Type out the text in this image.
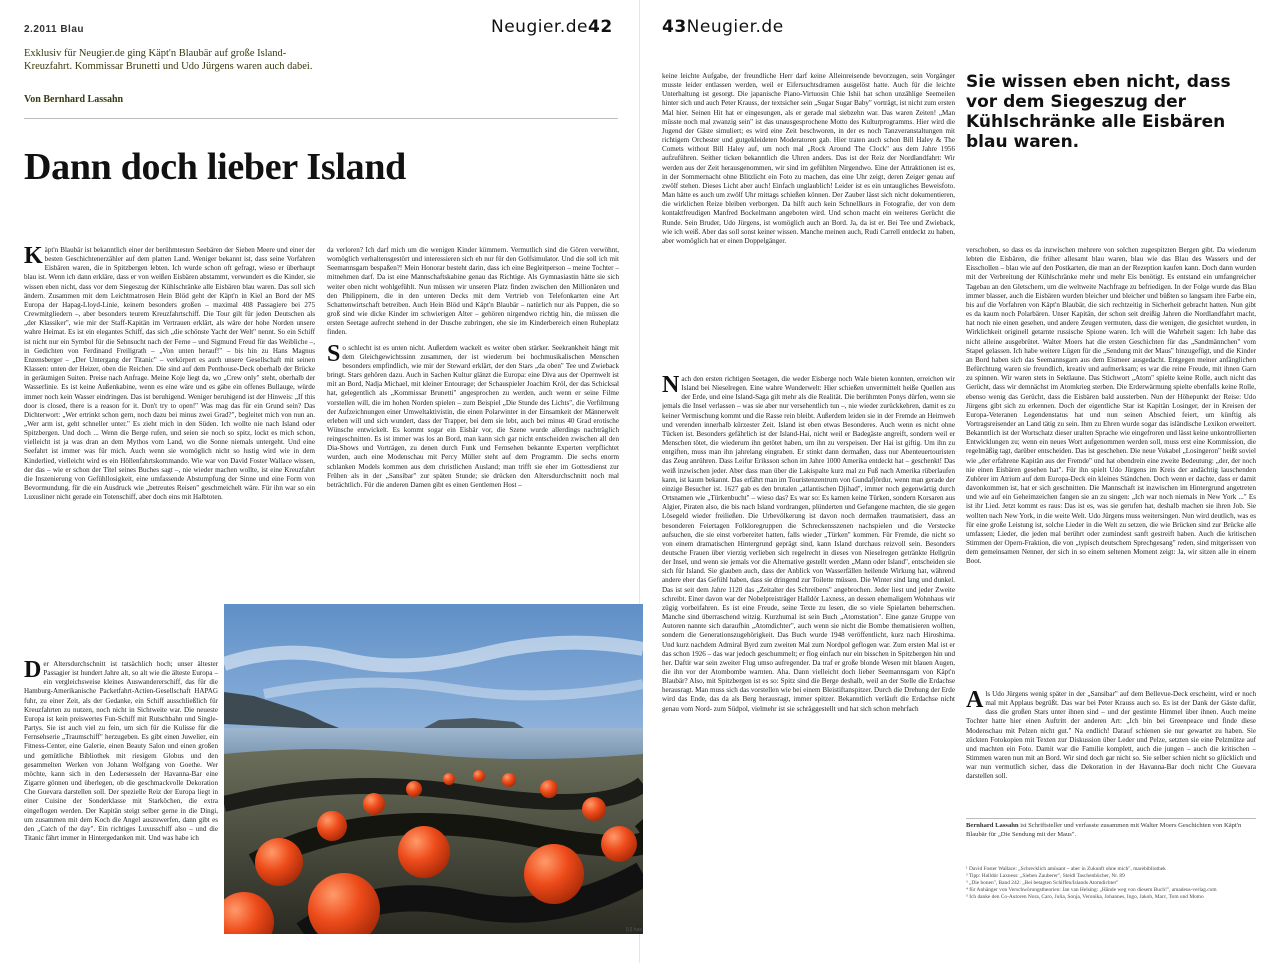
2.2011 Blau	Neugier.de42	43Neugier.de
Exklusiv für Neugier.de ging Käpt'n Blaubär auf große Island-Kreuzfahrt. Kommissar Brunetti und Udo Jürgens waren auch dabei.
Von Bernhard Lassahn
Dann doch lieber Island

Käpt'n Blaubär ist bekanntlich einer der berühmtesten Seebären der Sieben Meere und einer der besten Geschichtenerzähler auf dem platten Land. Weniger bekannt ist, dass seine Vorfahren Eisbären waren, die in Spitzbergen lebten. Ich wurde schon oft gefragt, wieso er überhaupt blau ist. Wenn ich dann erkläre, dass er von weißen Eisbären abstammt, verwundert es die Kinder, sie wissen eben nicht, dass vor dem Siegeszug der Kühlschränke alle Eisbären blau waren. Das soll sich ändern. Zusammen mit dem Leichtmatrosen Hein Blöd geht der Käpt'n in Kiel an Bord der MS Europa der Hapag-Lloyd-Linie, keinem besonders großen – maximal 408 Passagiere bei 275 Crewmitgliedern –, aber besonders teurem Kreuzfahrtschiff. Die Tour gilt für jeden Deutschen als „der Klassiker", wie mir der Staff-Kapitän im Vertrauen erklärt, als wäre der hohe Norden unsere wahre Heimat. Es ist ein elegantes Schiff, das sich „die schönste Yacht der Welt" nennt. So ein Schiff ist nicht nur ein Symbol für die Sehnsucht nach der Ferne – und Sigmund Freud für das Weibliche –, in Gedichten von Ferdinand Freiligrath – „Von unten herauf!" – bis hin zu Hans Magnus Enzensberger – „Der Untergang der Titanic" – verkörpert es auch unsere Gesellschaft mit seinen Klassen: unten der Heizer, oben die Reichen. Die sind auf dem Penthouse-Deck oberhalb der Brücke in geräumigen Suiten. Preise nach Anfrage. Meine Koje liegt da, wo „Crew only" steht, oberhalb der Wasserlinie. Es ist keine Außenkabine, wenn es eine wäre und es gäbe ein offenes Bullauge, würde immer noch kein Wasser eindringen. Das ist beruhigend. Weniger beruhigend ist der Hinweis: „If this door is closed, there is a reason for it. Don't try to open!" Was mag das für ein Grund sein? Das Dichterwort: „Wer ertrinkt schon gern, noch dazu bei minus zwei Grad?", begleitet mich von nun an. „Wer arm ist, geht schneller unter." Es zieht mich in den Süden. Ich wollte nie nach Island oder Spitzbergen. Und doch ... Wenn die Berge rufen, und seien sie noch so spitz, lockt es mich schon, vielleicht ist ja was dran an dem Mythos vom Land, wo die Sonne niemals untergeht. Und eine Seefahrt ist immer was für mich. Auch wenn sie womöglich nicht so lustig wird wie in dem Kinderlied, vielleicht wird es ein Höllenfahrtskommando. Wie war von David Foster Wallace wissen, der das – wie er schon der Titel seines Buches sagt –, nie wieder machen wollte, ist eine Kreuzfahrt die Inszenierung von Gefühllosigkeit, eine umfassende Abstumpfung der Sinne und eine Form von Bevormundung, für die ein Ausdruck wie „betreutes Reisen" geschmeichelt wäre. Für ihn war so ein Luxusliner nicht gerade ein Totenschiff, aber doch eins mit Halbtoten.

Der Altersdurchschnitt ist tatsächlich hoch; unser ältester Passagier ist hundert Jahre alt, so alt wie die älteste Europa – ein vergleichsweise kleines Auswandererschiff, das für die Hamburg-Amerikanische Packetfahrt-Actien-Gesellschaft HAPAG fuhr, zu einer Zeit, als der Gedanke, ein Schiff ausschließlich für Kreuzfahrten zu nutzen, noch nicht in Sichtweite war. Die neueste Europa ist kein preiswertes Fun-Schiff mit Rutschbahn und Single-Partys. Sie ist auch viel zu fein, um sich für die Kulisse für die Fernsehserie „Traumschiff" herzugeben. Es gibt einen Juwelier, ein Fitness-Center, eine Galerie, einen Beauty Salon und einen großen und gemütliche Bibliothek mit riesigem Globus und den gesammelten Werken von Johann Wolfgang von Goethe. Wer möchte, kann sich in den Ledersesseln der Havanna-Bar eine Zigarre gönnen und überlegen, ob die geschmackvolle Dekoration Che Guevara darstellen soll. Der spezielle Reiz der Europa liegt in einer Cuisine der Sonderklasse mit Starköchen, die extra eingeflogen werden. Der Kapitän steigt selber gerne in die Dingi, um zusammen mit dem Koch die Angel auszuwerfen, dann gibt es den „Catch of the day". Ein richtiges Luxusschiff also – und die Titanic fährt immer in Hintergedanken mit. Und was habe ich

da verloren? Ich darf mich um die wenigen Kinder kümmern. Vermutlich sind die Gören verwöhnt, womöglich verhaltensgestört und interessieren sich eh nur für den Golfsimulator. Und die soll ich mit Seemannsgarn bespaßen?! Mein Honorar besteht darin, dass ich eine Begleitperson – meine Tochter – mitnehmen darf. Da ist eine Mannschaftskabine genau das Richtige. Als Gymnasiastin hätte sie sich weiter oben nicht wohlgefühlt. Nun müssen wir unseren Platz finden zwischen den Millionären und den Philippinern, die in den unteren Decks mit dem Vertrieb von Telefonkarten eine Art Schattenwirtschaft betreiben. Auch Hein Blöd und Käpt'n Blaubär – natürlich nur als Puppen, die so groß sind wie dicke Kinder im schwierigen Alter – gehören nirgendwo richtig hin, die müssen die ersten Seetage aufrecht stehend in der Dusche zubringen, ehe sie im Kinderbereich einen Ruheplatz finden.

So schlecht ist es unten nicht. Außerdem wackelt es weiter oben stärker. Seekrankheit hängt mit dem Gleichgewichtssinn zusammen, der ist wiederum bei hochmusikalischen Menschen besonders empfindlich, wie mir der Steward erklärt, der den Stars „da oben" Tee und Zwieback bringt. Stars gehören dazu. Auch in Sachen Kultur glänzt die Europa: eine Diva aus der Opernwelt ist mit an Bord, Nadja Michael, mit kleiner Entourage; der Schauspieler Joachim Król, der das Schicksal hat, gelegentlich als „Kommissar Brunetti" angesprochen zu werden, auch wenn er seine Filme vorstellen will, die im hohen Norden spielen – zum Beispiel „Die Stunde des Lichts", die Verfilmung der Aufzeichnungen einer Umweltaktivistin, die einen Polarwinter in der Einsamkeit der Männerwelt erleben will und sich wundert, dass der Trapper, bei dem sie lebt, auch bei minus 40 Grad erotische Wünsche entwickelt. Es kommt sogar ein Eisbär vor, die Szene wurde allerdings nachträglich reingeschnitten. Es ist immer was los an Bord, man kann sich gar nicht entscheiden zwischen all den Dia-Shows und Vorträgen, zu denen durch Funk und Fernsehen bekannte Experten verpflichtet wurden, auch eine Modenschau mit Percy Müller steht auf dem Programm. Die sechs enorm schlanken Models kommen aus dem christlichen Ausland; man trifft sie eher im Gottesdienst zur Frühen als in der „Sansibar" zur späten Stunde; sie drücken den Altersdurchschnitt noch mal beträchtlich. Für die anderen Damen gibt es einen Gentlemen Host –

keine leichte Aufgabe, der freundliche Herr darf keine Alleinreisende bevorzugen, sein Vorgänger musste leider entlassen werden, weil er Eifersuchtsdramen ausgelöst hatte. Auch für die leichte Unterhaltung ist gesorgt. Die japanische Piano-Virtuosin Chie Ishii hat schon unzählige Seemeilen hinter sich und auch Peter Krauss, der textsicher sein „Sugar Sugar Baby" vorträgt, ist nicht zum ersten Mal hier. Seinen Hit hat er eingesungen, als er gerade mal siebzehn war. Das waren Zeiten! „Man müsste noch mal zwanzig sein" ist das unausgesprochene Motto des Kulturprogramms. Hier wird die Jugend der Gäste simuliert; es wird eine Zeit beschworen, in der es noch Tanzveranstaltungen mit richtigem Orchester und gutgekleideten Moderatoren gab. Hier traten auch schon Bill Haley & The Comets without Bill Haley auf, um noch mal „Rock Around The Clock" aus dem Jahre 1956 aufzuführen. Seither ticken bekanntlich die Uhren anders. Das ist der Reiz der Nordlandfahrt: Wir werden aus der Zeit herausgenommen, wir sind im gefühlten Nirgendwo. Eine der Attraktionen ist es, in der Sommernacht ohne Blitzlicht ein Foto zu machen, das eine Uhr zeigt, deren Zeiger genau auf zwölf stehen. Dieses Licht aber auch! Einfach unglaublich! Leider ist es ein untaugliches Beweisfoto. Man hätte es auch um zwölf Uhr mittags schießen können. Der Zauber lässt sich nicht dokumentieren, die wirklichen Reize bleiben verborgen. Da hilft auch kein Schnellkurs in Fotografie, der von dem kontaktfreudigen Manfred Bockelmann angeboten wird. Und schon macht ein weiteres Gerücht die Runde. Sein Bruder, Udo Jürgens, ist womöglich auch an Bord. Ja, da ist er. Bei Tee und Zwieback, wie ich weiß. Aber das soll sonst keiner wissen. Manche meinen auch, Rudi Carrell entdeckt zu haben, aber womöglich hat er einen Doppelgänger.

Nach den ersten richtigen Seetagen, die weder Eisberge noch Wale bieten konnten, erreichen wir Island bei Nieselregen. Eine wahre Wunderwelt: Hier schießen unvermittelt heiße Quellen aus der Erde, und eine Island-Saga gilt mehr als die Realität. Die berühmten Ponys dürfen, wenn sie jemals die Insel verlassen – was sie aber nur versehentlich tun –, nie wieder zurückkehren, damit es zu keiner Vermischung kommt und die Rasse rein bleibt. Außerdem leiden sie in der Fremde an Heimweh und verenden innerhalb kürzester Zeit. Island ist eben etwas Besonderes. Auch wenn es nicht ohne Tücken ist. Besonders gefährlich ist der Island-Hai, nicht weil er Badegäste angreift, sondern weil er Menschen tötet, die wiederum ihn getötet haben, um ihn zu verspeisen. Der Hai ist giftig. Um ihn zu entgiften, muss man ihn jahrelang eingraben. Er stinkt dann dermaßen, dass nur Abenteuertouristen das Zeug anrühren. Dass Leifur Eriksson schon im Jahre 1000 Amerika entdeckt hat – geschenkt! Das weiß inzwischen jeder. Aber dass man über die Lakispalte kurz mal zu Fuß nach Amerika rüberlaufen kann, ist kaum bekannt. Das erfährt man im Touristenzentrum von Gundafjördur, wenn man gerade der einzige Besucher ist. 1627 gab es den brutalen „atlantischen Djihad", immer noch gegenwärtig durch Ortsnamen wie „Türkenbucht" – wieso das? Es war so: Es kamen keine Türken, sondern Korsaren aus Algier, Piraten also, die bis nach Island vordrangen, plünderten und Gefangene machten, die sie gegen Lösegeld wieder freiließen. Die Urbevölkerung ist davon noch dermaßen traumatisiert, dass an besonderen Feiertagen Folkloregruppen die Schreckensszenen nachspielen und die Verstecke aufsuchen, die sie einst vorbereitet hatten, falls wieder „Türken" kommen. Für Fremde, die nicht so von einem dramatischen Hintergrund geprägt sind, kann Island durchaus reizvoll sein. Besonders deutsche Frauen über vierzig verlieben sich regelrecht in dieses von Nieselregen getränkte Hellgrün der Insel, und wenn sie jemals vor die Alternative gestellt werden „Mann oder Island", entscheiden sie sich für Island. Sie glauben auch, dass der Anblick von Wasserfällen heilende Wirkung hat, während andere eher das Gefühl haben, dass sie dringend zur Toilette müssen. Die Winter sind lang und dunkel. Das ist seit dem Jahre 1120 das „Zeitalter des Schreibens" angebrochen. Jeder liest und jeder Zweite schreibt. Einer davon war der Nobelpreisträger Halldór Laxness, an dessen ehemaligem Wohnhaus wir zügig vorbeifahren. Es ist eine Freude, seine Texte zu lesen, die so viele Spielarten beherrschen. Manche sind überraschend witzig. Kurzhumal ist sein Buch „Atomstation". Eine ganze Gruppe von Autoren nannte sich daraufhin „Atomdichter", auch wenn sie nicht die Bombe thematisieren wollten, sondern die Generationszugehörigkeit. Das Buch wurde 1948 veröffentlicht, kurz nach Hiroshima. Und kurz nachdem Admiral Byrd zum zweiten Mal zum Nordpol geflogen war. Zum ersten Mal ist er das schon 1926 – das war jedoch geschummelt; er flog einfach nur ein bisschen in Spitzbergen hin und her. Daftir war sein zweiter Flug umso aufregender. Da traf er große blonde Wesen mit blauen Augen, die ihn vor der Atombombe warnten. Aha. Dann vielleicht doch lieber Seemannsgarn von Käpt'n Blaubär? Also, mit Spitzbergen ist es so: Spitz sind die Berge deshalb, weil an der Stelle die Erdachse herausragt. Man muss sich das vorstellen wie bei einem Bleistiftanspitzer. Durch die Drehung der Erde wird das Ende, das da als Berg herausragt, immer spitzer. Bekanntlich verläuft die Erdachse nicht genau vom Nord- zum Südpol, vielmehr ist sie schräggestellt und hat sich schon mehrfach

Sie wissen eben nicht, dass vor dem Siegeszug der Kühlschränke alle Eisbären blau waren.

verschoben, so dass es da inzwischen mehrere von solchen zugespitzten Bergen gibt. Da wiederum lebten die Eisbären, die früher allesamt blau waren, blau wie das Blau des Wassers und der Eisschollen – blau wie auf den Postkarten, die man an der Rezeption kaufen kann. Doch dann wurden mit der Verbreitung der Kühlschränke mehr und mehr Eis benötigt. Es entstand ein umfangreicher Tagebau an den Gletschern, um die weltweite Nachfrage zu befriedigen. In der Folge wurde das Blau immer blasser, auch die Eisbären wurden bleicher und bleicher und büßten so langsam ihre Farbe ein, bis auf die Vorfahren von Käpt'n Blaubär, die sich rechtzeitig in Sicherheit gebracht hatten. Nun gibt es da kaum noch Polarbären. Unser Kapitän, der schon seit dreißig Jahren die Nordlandfahrt macht, hat noch nie einen gesehen, und andere Zeugen vermuten, dass die wenigen, die gesichtet wurden, in Wirklichkeit originell getarnte russische Spione waren. Ich will die Wahrheit sagen: Ich habe das nicht alleine ausgebrütet. Walter Moers hat die ersten Geschichten für das „Sandmännchen" vom Stapel gelassen. Ich habe weitere Lügen für die „Sendung mit der Maus" hinzugefügt, und die Kinder an Bord haben sich das Seemannsgarn aus dem Eismeer ausgedacht. Entgegen meiner anfänglichen Befürchtung waren sie freundlich, kreativ und aufmerksam; es war die reine Freude, mit ihnen Garn zu spinnen. Wir waren stets in Sektlaune. Das Stichwort „Atom" spielte keine Rolle, auch nicht das Gerücht, dass wir demnächst im Atomkrieg sterben. Die Erderwärmung spielte ebenfalls keine Rolle, ebenso wenig das Gerücht, dass die Eisbären bald aussterben. Nun der Höhepunkt der Reise: Udo Jürgens gibt sich zu erkennen. Doch der eigentliche Star ist Kapitän Losinger, der in Kreisen der Europa-Veteranen Legendenstatus hat und nun seinen Abschied feiert, um künftig als Vortragsreisender an Land tätig zu sein. Ihm zu Ehren wurde sogar das isländische Lexikon erweitert. Bekanntlich ist der Wortschatz dieser uralten Sprache wie eingefroren und lässt keine unkontrollierten Entwicklungen zu; wenn ein neues Wort aufgenommen werden soll, muss erst eine Kommission, die regelmäßig tagt, darüber entscheiden. Das ist geschehen. Die neue Vokabel „Losingeron" heißt soviel wie „der erfahrene Kapitän aus der Fremde" und hat obendrein eine zweite Bedeutung: „der, der noch nie einen Eisbären gesehen hat". Für ihn spielt Udo Jürgens im Kreis der andächtig lauschenden Zuhörer im Atrium auf dem Europa-Deck ein kleines Ständchen. Doch wenn er dachte, dass er damit davonkommen ist, hat er sich geschnitten. Die Mannschaft ist inzwischen im Hintergrund angetreten und wie auf ein Geheimzeichen fangen sie an zu singen: „Ich war noch niemals in New York ..." Es ist ihr Lied. Jetzt kommt es raus: Das ist es, was sie gerufen hat, deshalb machen sie ihren Job. Sie wollten nach New York, in die weite Welt. Udo Jürgens muss weitersingen. Nun wird deutlich, was es für eine große Leistung ist, solche Lieder in die Welt zu setzen, die wie Brücken sind zur Brücke alle umfassen; Lieder, die jeden mal berührt oder zumindest sanft gestreift haben. Auch die kritischen Stimmen der Opern-Fraktion, die von „typisch deutschem Sprechgesang" reden, sind mitgerissen von dem gemeinsamen Nenner, der sich in so einem seltenen Moment zeigt: Ja, wir sitzen alle in einem Boot.

Als Udo Jürgens wenig später in der „Sansibar" auf dem Bellevue-Deck erscheint, wird er noch mal mit Applaus begrüßt. Das war bei Peter Krauss auch so. Es ist der Dank der Gäste dafür, dass die großen Stars unter ihnen sind – und der gestimte Himmel über ihnen. Auch meine Tochter hatte hier einen Auftritt der anderen Art: „Ich bin bei Greenpeace und finde diese Modenschau mit Pelzen nicht gut." Na endlich! Darauf schienen sie nur gewartet zu haben. Sie zückten Fotokopien mit Texten zur Diskussion über Leder und Pelze, setzten sie eine Pelzmütze auf und machten ein Foto. Damit war die Familie komplett, auch die jungen – auch die kritischen – Stimmen waren nun mit an Bord. Wir sind doch gar nicht so. Sie selber schien nicht so glücklich und war nun vermutlich sicher, dass die Dekoration in der Havanna-Bar doch nicht Che Guevara darstellen soll.

Bernhard Lassahn ist Schriftsteller und verfasste zusammen mit Walter Moers Geschichten von Käpt'n Blaubär für „Die Sendung mit der Maus".
¹ David Foster Wallace: „Schrecklich amüsant – aber in Zukunft ohne mich", marebibliothek
² Tipp: Halldór Laxness: „Sieben Zauberer", Steidl Taschenbücher, Nr. 89
³ „Die bonen", Band 242: „Bei betagten Schiffen/Islands Atomdichter"
⁴ für Anhänger von Verschwörungstheorien: Jan van Helsing: „Hände weg von diesem Buch!", amadeus-verlag.com
⁵ Ich danke den Co-Autoren Nora, Caro, Julia, Sonja, Veronika, Johannes, Ingo, Jakob, Marc, Tom und Momo
[U] has
